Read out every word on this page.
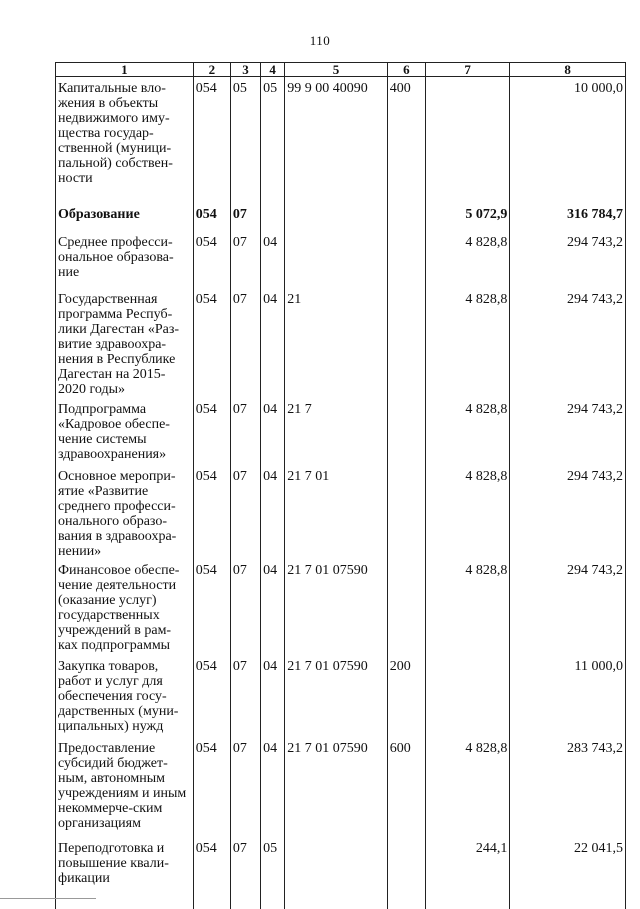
110
1	2	3	4	5	6	7	8
Капитальные вло-жения в объекты недвижимого иму-щества государ-ственной (муници-пальной) собствен-ности	054	05	05	99 9 00 40090	400		10 000,0
Образование	054	07				5 072,9	316 784,7
Среднее професси-ональное образова-ние	054	07	04			4 828,8	294 743,2
Государственная программа Респуб-лики Дагестан «Раз-витие здравоохра-нения в Республике Дагестан на 2015-2020 годы»	054	07	04	21		4 828,8	294 743,2
Подпрограмма «Кадровое обеспе-чение системы здравоохранения»	054	07	04	21 7		4 828,8	294 743,2
Основное меропри-ятие «Развитие среднего професси-онального образо-вания в здравоохра-нении»	054	07	04	21 7 01		4 828,8	294 743,2
Финансовое обеспе-чение деятельности (оказание услуг) государственных учреждений в рам-ках подпрограммы	054	07	04	21 7 01 07590		4 828,8	294 743,2
Закупка товаров, работ и услуг для обеспечения госу-дарственных (муни-ципальных) нужд	054	07	04	21 7 01 07590	200		11 000,0
Предоставление субсидий бюджет-ным, автономным учреждениям и иным некоммерче-ским организациям	054	07	04	21 7 01 07590	600	4 828,8	283 743,2
Переподготовка и повышение квали-фикации	054	07	05			244,1	22 041,5
